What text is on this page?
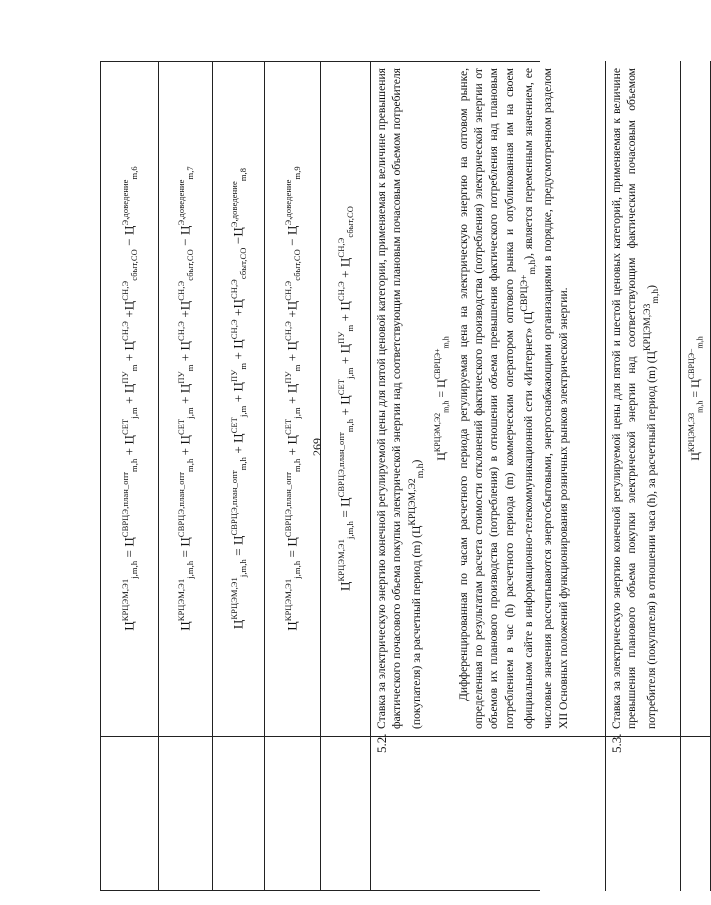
269
$Ц^{КРЦЭМ,Э1}_{j,m,h} = Ц^{СВРЦЭ,план\_опт}_{m,h} + Ц^{СЕТ}_{j,m} + Ц^{ПУ}_m + Ц^{СН,Э} +Ц^{СН,Э}_{сбыт,СО} - Ц^{Э,доведение}_{m,6}$
$Ц^{КРЦЭМ,Э1}_{j,m,h} = Ц^{СВРЦЭ,план\_опт}_{m,h} + Ц^{СЕТ}_{j,m} + Ц^{ПУ}_m + Ц^{СН,Э} +Ц^{СН,Э}_{сбыт,СО} - Ц^{Э,доведение}_{m,7}$
$Ц^{КРЦЭМ,Э1}_{j,m,h} = Ц^{СВРЦЭ,план\_опт}_{m,h} + Ц^{СЕТ}_{j,m} + Ц^{ПУ}_m + Ц^{СН,Э} +Ц^{СН,Э}_{сбыт,СО} -Ц^{Э,доведение}_{m,8}$
$Ц^{КРЦЭМ,Э1}_{j,m,h} = Ц^{СВРЦЭ,план\_опт}_{m,h} + Ц^{СЕТ}_{j,m} + Ц^{ПУ}_m + Ц^{СН,Э} +Ц^{СН,Э}_{сбыт,СО} - Ц^{Э,доведение}_{m,9}$
$Ц^{КРЦЭМ,Э1}_{j,m,h} = Ц^{СВРЦЭ,план\_опт}_{m,h} + Ц^{СЕТ}_{j,m} + Ц^{ПУ}_m + Ц^{СН,Э} + Ц^{СН,Э}_{сбыт,СО}$
5.2.

Ставка за электрическую энергию конечной регулируемой цены для пятой ценовой категории, применяемая к величине превышения фактического почасового объема покупки электрической энергии над соответствующим плановым почасовым объемом потребителя (покупателя) за расчетный период (m) $(Ц^{КРЦЭМ,Э2}_{m,h})$

$Ц^{КРЦЭМ,Э2}_{m,h} = Ц^{СВРЦЭ+}_{m,h}$ Дифференцированная по часам расчетного периода регулируемая цена на электрическую энергию на оптовом рынке, определенная по результатам расчета стоимости отклонений фактического производства (потребления) электрической энергии от объемов их планового производства (потребления) в отношении объема превышения фактического потребления над плановым потреблением в час (h) расчетного периода (m) коммерческим оператором оптового рынка и опубликованная им на своем официальном сайте в информационно-телекоммуникационной сети «Интернет» $(Ц^{СВРЦЭ+}_{m,h})$, является переменным значением, ее числовые значения рассчитываются энергосбытовыми, энергоснабжающими организациями в порядке, предусмотренном разделом XII Основных положений функционирования розничных рынков электрической энергии.

5.3.

Ставка за электрическую энергию конечной регулируемой цены для пятой и шестой ценовых категорий, применяемая к величине превышения планового объема покупки электрической энергии над соответствующим фактическим почасовым объемом потребителя (покупателя) в отношении часа (h), за расчетный период (m) $(Ц^{КРЦЭМ,Э3}_{m,h})$

$Ц^{КРЦЭМ,Э3}_{m,h} = Ц^{СВРЦЭ-}_{m,h}$
